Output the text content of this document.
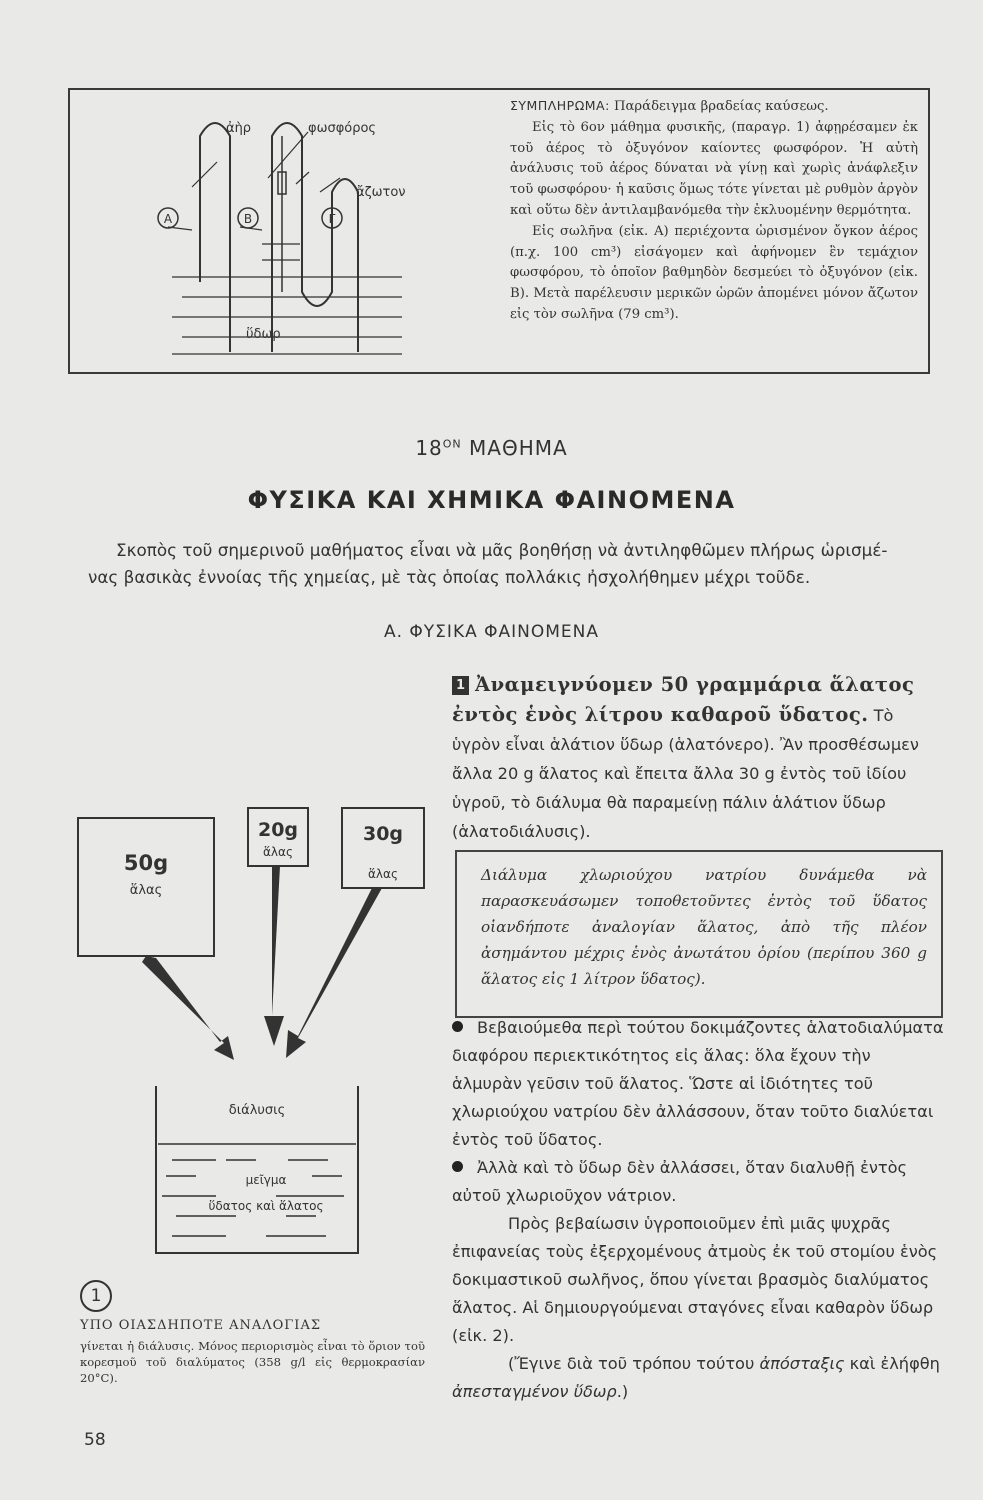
Α	Β	Γ
ἀὴρ	φωσφόρος
ἄζωτον
ὕδωρ

ΣΥΜΠΛΗΡΩΜΑ: Παράδειγμα βραδείας καύσεως.

Εἰς τὸ 6ον μάθημα φυσικῆς, (παραγρ. 1) ἀφῃρέσαμεν ἐκ τοῦ ἀέρος τὸ ὀξυγόνον καίοντες φωσφόρον. Ἡ αὐτὴ ἀνάλυσις τοῦ ἀέρος δύναται νὰ γίνῃ καὶ χωρὶς ἀνάφλεξιν τοῦ φωσφόρου· ἡ καῦσις ὅμως τότε γίνεται μὲ ρυθμὸν ἀργὸν καὶ οὕτω δὲν ἀντιλαμβανόμεθα τὴν ἐκλυομένην θερμότητα.

Εἰς σωλῆνα (εἰκ. Α) περιέχοντα ὡρισμένον ὄγκον ἀέρος (π.χ. 100 cm³) εἰσάγομεν καὶ ἀφήνομεν ἓν τεμάχιον φωσφόρου, τὸ ὁποῖον βαθμηδὸν δεσμεύει τὸ ὀξυγόνον (εἰκ. Β). Μετὰ παρέλευσιν μερικῶν ὡρῶν ἀπομένει μόνον ἄζωτον εἰς τὸν σωλῆνα (79 cm³).

$18^{ON}$ ΜΑΘΗΜΑ
ΦΥΣΙΚΑ ΚΑΙ ΧΗΜΙΚΑ ΦΑΙΝΟΜΕΝΑ
Σκοπὸς τοῦ σημερινοῦ μαθήματος εἶναι νὰ μᾶς βοηθήσῃ νὰ ἀντιληφθῶμεν πλήρως ὡρισμέ-
νας βασικὰς ἐννοίας τῆς χημείας, μὲ τὰς ὁποίας πολλάκις ἠσχολήθημεν μέχρι τοῦδε.
Α. ΦΥΣΙΚΑ ΦΑΙΝΟΜΕΝΑ
1 Ἀναμειγνύομεν 50 γραμμάρια ἅλατος ἐντὸς ἑνὸς λίτρου καθαροῦ ὕδατος. Τὸ ὑγρὸν εἶναι ἁλάτιον ὕδωρ (ἁλατόνερο). Ἂν προσθέσωμεν ἄλλα 20 g ἅλατος καὶ ἔπειτα ἄλλα 30 g ἐντὸς τοῦ ἰδίου ὑγροῦ, τὸ διάλυμα θὰ παραμείνῃ πάλιν ἁλάτιον ὕδωρ (ἁλατοδιάλυσις).
Διάλυμα χλωριούχου νατρίου δυνάμεθα νὰ παρασκευάσωμεν τοποθετοῦντες ἐντὸς τοῦ ὕδατος οἱανδήποτε ἀναλογίαν ἅλατος, ἀπὸ τῆς πλέον ἀσημάντου μέχρις ἑνὸς ἀνωτάτου ὁρίου (περίπου 360 g ἅλατος εἰς 1 λίτρον ὕδατος).

Βεβαιούμεθα περὶ τούτου δοκιμάζοντες ἁλατοδιαλύματα διαφόρου περιεκτικότητος εἰς ἅλας: ὅλα ἔχουν τὴν ἁλμυρὰν γεῦσιν τοῦ ἅλατος. Ὥστε αἱ ἰδιότητες τοῦ χλωριούχου νατρίου δὲν ἀλλάσσουν, ὅταν τοῦτο διαλύεται ἐντὸς τοῦ ὕδατος.

Ἀλλὰ καὶ τὸ ὕδωρ δὲν ἀλλάσσει, ὅταν διαλυθῇ ἐντὸς αὐτοῦ χλωριοῦχον νάτριον.

Πρὸς βεβαίωσιν ὑγροποιοῦμεν ἐπὶ μιᾶς ψυχρᾶς ἐπιφανείας τοὺς ἐξερχομένους ἀτμοὺς ἐκ τοῦ στομίου ἑνὸς δοκιμαστικοῦ σωλῆνος, ὅπου γίνεται βρασμὸς διαλύματος ἅλατος. Αἱ δημιουργούμεναι σταγόνες εἶναι καθαρὸν ὕδωρ (εἰκ. 2).

(Ἔγινε διὰ τοῦ τρόπου τούτου ἀπόσταξις καὶ ἐλήφθη ἀπεσταγμένον ὕδωρ.)

50g
ἅλας
20g
ἅλας
30g
ἅλας
διάλυσις
μεῖγμα
ὕδατος καὶ ἅλατος
1
ΥΠΟ ΟΙΑΣΔΗΠΟΤΕ ΑΝΑΛΟΓΙΑΣ
γίνεται ἡ διάλυσις. Μόνος περιορισμὸς εἶναι τὸ ὅριον τοῦ κορεσμοῦ τοῦ διαλύματος (358 g/l εἰς θερμοκρασίαν 20°C).
58
